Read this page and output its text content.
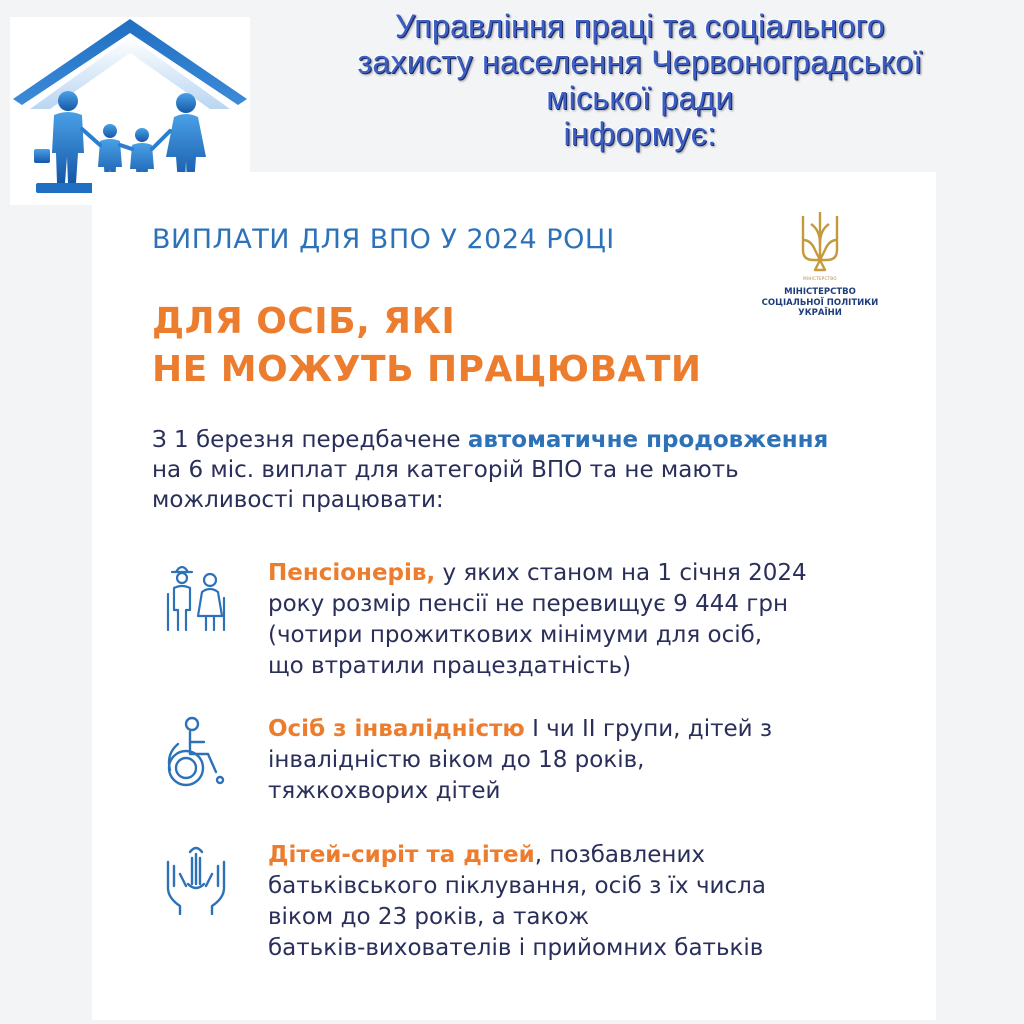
Управління праці та соціального
захисту населення Червоноградської
міської ради
інформує:
ВИПЛАТИ ДЛЯ ВПО У 2024 РОЦІ
ДЛЯ ОСІБ, ЯКІ
НЕ МОЖУТЬ ПРАЦЮВАТИ
МІНІСТЕРСТВО
МІНІСТЕРСТВО
СОЦІАЛЬНОЇ ПОЛІТИКИ
УКРАЇНИ
З 1 березня передбачене автоматичне продовження
на 6 міс. виплат для категорій ВПО та не мають
можливості працювати:
Пенсіонерів, у яких станом на 1 січня 2024
року розмір пенсії не перевищує 9 444 грн
(чотири прожиткових мінімуми для осіб,
що втратили працездатність)
Осіб з інвалідністю I чи II групи, дітей з
інвалідністю віком до 18 років,
тяжкохворих дітей
Дітей-сиріт та дітей, позбавлених
батьківського піклування, осіб з їх числа
віком до 23 років, а також
батьків-вихователів і прийомних батьків
